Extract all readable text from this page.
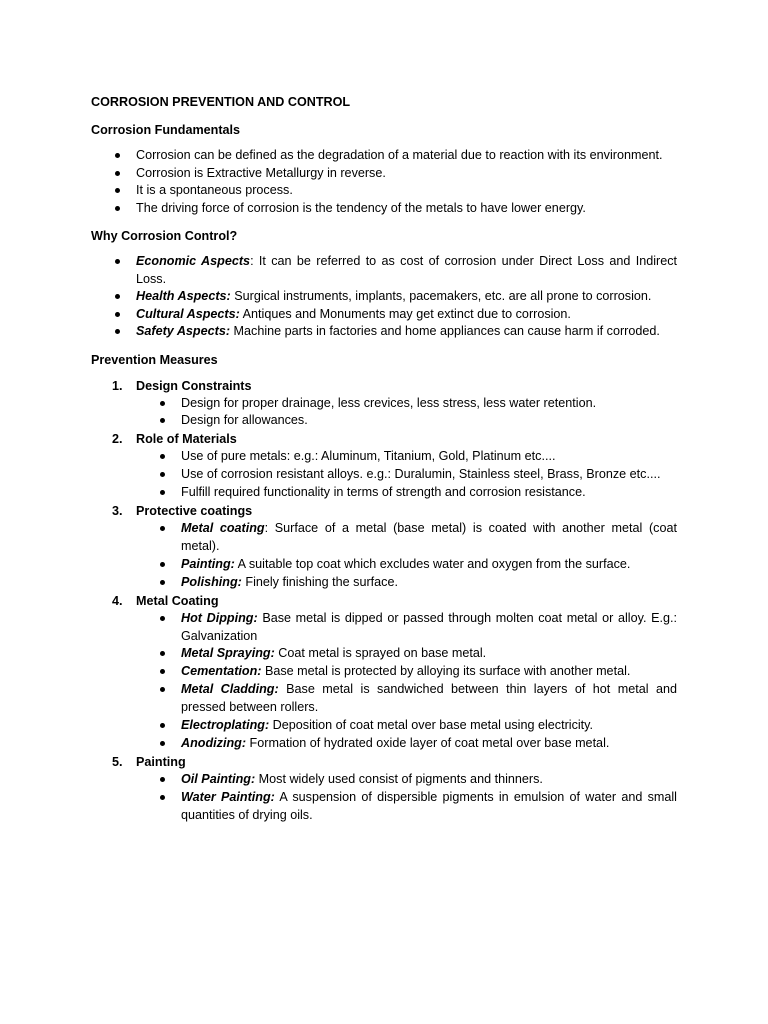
CORROSION PREVENTION AND CONTROL

Corrosion Fundamentals

Corrosion can be defined as the degradation of a material due to reaction with its environment.
Corrosion is Extractive Metallurgy in reverse.
It is a spontaneous process.
The driving force of corrosion is the tendency of the metals to have lower energy.

Why Corrosion Control?

Economic Aspects: It can be referred to as cost of corrosion under Direct Loss and Indirect Loss.
Health Aspects: Surgical instruments, implants, pacemakers, etc. are all prone to corrosion.
Cultural Aspects: Antiques and Monuments may get extinct due to corrosion.
Safety Aspects: Machine parts in factories and home appliances can cause harm if corroded.

Prevention Measures

1. Design Constraints
Design for proper drainage, less crevices, less stress, less water retention.
Design for allowances.
2. Role of Materials
Use of pure metals: e.g.: Aluminum, Titanium, Gold, Platinum etc....
Use of corrosion resistant alloys. e.g.: Duralumin, Stainless steel, Brass, Bronze etc....
Fulfill required functionality in terms of strength and corrosion resistance.
3. Protective coatings
Metal coating: Surface of a metal (base metal) is coated with another metal (coat metal).
Painting: A suitable top coat which excludes water and oxygen from the surface.
Polishing: Finely finishing the surface.
4. Metal Coating
Hot Dipping: Base metal is dipped or passed through molten coat metal or alloy. E.g.: Galvanization
Metal Spraying: Coat metal is sprayed on base metal.
Cementation: Base metal is protected by alloying its surface with another metal.
Metal Cladding: Base metal is sandwiched between thin layers of hot metal and pressed between rollers.
Electroplating: Deposition of coat metal over base metal using electricity.
Anodizing: Formation of hydrated oxide layer of coat metal over base metal.
5. Painting
Oil Painting: Most widely used consist of pigments and thinners.
Water Painting: A suspension of dispersible pigments in emulsion of water and small quantities of drying oils.
